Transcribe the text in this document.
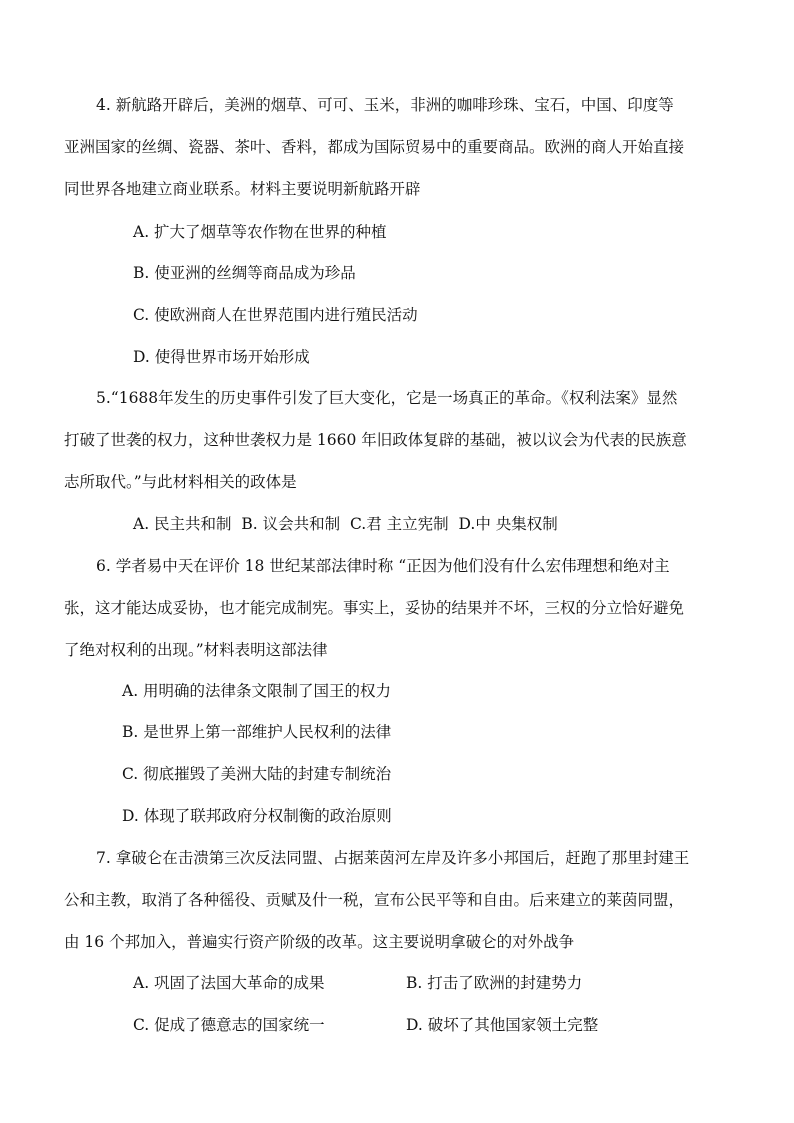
4. 新航路开辟后，美洲的烟草、可可、玉米，非洲的咖啡珍珠、宝石，中国、印度等
亚洲国家的丝绸、瓷器、茶叶、香料，都成为国际贸易中的重要商品。欧洲的商人开始直接
同世界各地建立商业联系。材料主要说明新航路开辟
A. 扩大了烟草等农作物在世界的种植
B. 使亚洲的丝绸等商品成为珍品
C. 使欧洲商人在世界范围内进行殖民活动
D. 使得世界市场开始形成
5.“1688年发生的历史事件引发了巨大变化，它是一场真正的革命。《权利法案》显然
打破了世袭的权力，这种世袭权力是 1660 年旧政体复辟的基础，被以议会为代表的民族意
志所取代。”与此材料相关的政体是
A. 民主共和制  B. 议会共和制  C.君 主立宪制  D.中 央集权制
6. 学者易中天在评价 18 世纪某部法律时称 “正因为他们没有什么宏伟理想和绝对主
张，这才能达成妥协，也才能完成制宪。事实上，妥协的结果并不坏，三权的分立恰好避免
了绝对权利的出现。”材料表明这部法律
A. 用明确的法律条文限制了国王的权力
B. 是世界上第一部维护人民权利的法律
C. 彻底摧毁了美洲大陆的封建专制统治
D. 体现了联邦政府分权制衡的政治原则
7. 拿破仑在击溃第三次反法同盟、占据莱茵河左岸及许多小邦国后，赶跑了那里封建王
公和主教，取消了各种徭役、贡赋及什一税，宣布公民平等和自由。后来建立的莱茵同盟，
由 16 个邦加入，普遍实行资产阶级的改革。这主要说明拿破仑的对外战争
A. 巩固了法国大革命的成果	B. 打击了欧洲的封建势力
C. 促成了德意志的国家统一	D. 破坏了其他国家领土完整
